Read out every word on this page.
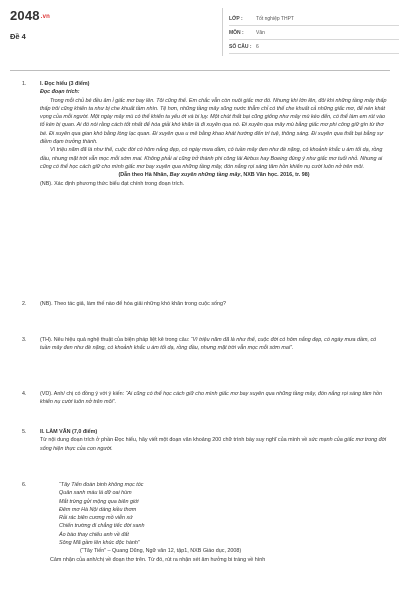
2048.vn
Đề 4
LỚP :	Tốt nghiệp THPT
MÔN : Văn
SỐ CÂU : 6
1.	I. Đọc hiểu (3 điểm)

Đọc đoạn trích:

Trong mỗi chủ bé đều âm ỉ giấc mơ bay lên. Tôi cũng thế. Em chắc vẫn còn nuôi giấc mơ đó. Nhưng khi lớn lên, đôi khi những tầng mây thấp thấp trôi cũng khiến ta như bị che khuất tầm nhìn. Tệ hơn, những tầng mây sũng nước thẫm chỉ có thể che khuất cả những giấc mơ, để nén khát vọng của mỗi người. Một ngày mây mù có thể khiến ta yếu ớt và bi lụy. Một chút thất bại cũng giống như mây mù kéo đến, có thể làm em rút vào tổ kén bị quan. Ai đó nói rằng cách tốt nhất để hóa giải khó khăn là đi xuyên qua nó. Đi xuyên qua mây mù bằng giấc mơ phi công giữ gìn từ thơ bé. Đi xuyên qua gian khó bằng lòng lạc quan. Đi xuyên qua u mê bằng khao khát hướng đến trí tuệ, thông sáng. Đi xuyên qua thất bại bằng sự điềm đạm trưởng thành.

Vì triệu năm đã là như thế, cuộc đời có hôm nắng đẹp, có ngày mưa dầm, có tuần mây đen như đè nặng, có khoảnh khắc u ám tối dạ, rồng đầu, nhưng mặt trời vẫn mọc mỗi sớm mai. Không phải ai cũng trở thành phi công lái Airbus hay Boeing đúng ý như giấc mơ tuổi nhỏ. Nhưng ai cũng có thể học cách giữ cho mình giấc mơ bay xuyên qua những tầng mây, đón nắng rọi sáng tâm hồn khiến nụ cười luôn nở trên môi.

(Dẫn theo Hà Nhân, Bay xuyên những tầng mây, NXB Văn học. 2016, tr. 98)

(NB). Xác định phương thức biểu đạt chính trong đoạn trích.

2.	(NB). Theo tác giả, làm thế nào để hóa giải những khó khăn trong cuộc sống?

3.	(TH). Nêu hiệu quả nghệ thuật của biện pháp liệt kê trong câu: “Vì triệu năm đã là như thế, cuộc đời có hôm nắng đẹp, có ngày mưa dầm, có tuần mây đen như đè nặng, có khoảnh khắc u ám tối dạ, rồng đầu, nhưng mặt trời vẫn mọc mỗi sớm mai”.

4.	(VD). Anh/ chị có đồng ý với ý kiến: “Ai cũng có thể học cách giữ cho mình giấc mơ bay xuyên qua những tầng mây, đón nắng rọi sáng tâm hồn khiến nụ cười luôn nở trên môi”.

5.	II. LÀM VĂN (7,0 điểm)

Từ nội dung đoạn trích ở phần Đọc hiểu, hãy viết một đoạn văn khoảng 200 chữ trình bày suy nghĩ của mình về sức mạnh của giấc mơ trong đời sống hiện thực của con người.

6.	“Tây Tiến đoàn binh không mọc tóc

Quân xanh màu lá dữ oai hùm

Mắt trừng gửi mộng qua biên giới

Đêm mơ Hà Nội dáng kiều thơm

Rải rác biên cương mồ viễn xứ

Chiến trường đi chẳng tiếc đời xanh

Áo bào thay chiếu anh về đất

Sông Mã gầm lên khúc độc hành”

(“Tây Tiến” – Quang Dũng, Ngữ văn 12, tập1, NXB Giáo dục, 2008)

Cảm nhận của anh/chị về đoạn thơ trên. Từ đó, rút ra nhận xét âm hưởng bi tráng về hình
